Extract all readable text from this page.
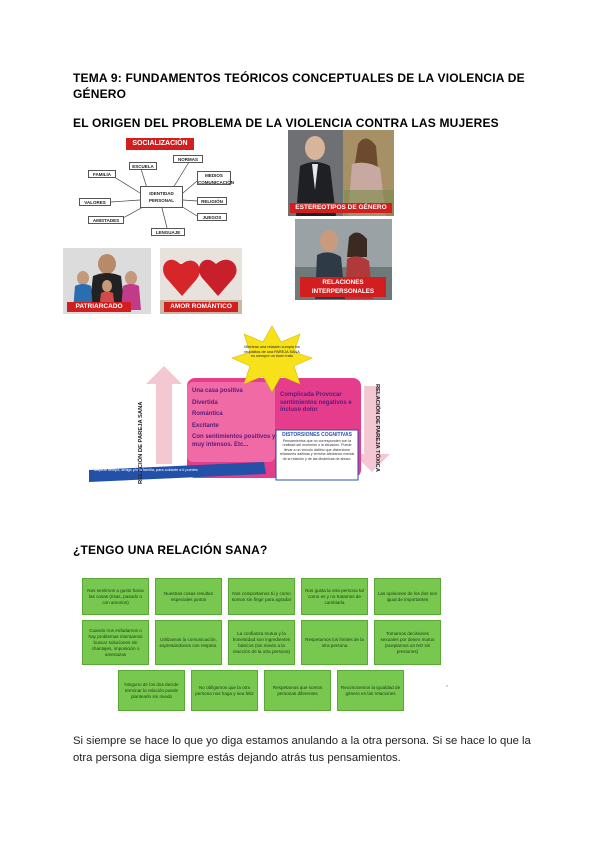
TEMA 9: FUNDAMENTOS TEÓRICOS CONCEPTUALES DE LA VIOLENCIA DE GÉNERO
EL ORIGEN DEL PROBLEMA DE LA VIOLENCIA CONTRA LAS MUJERES
SOCIALIZACIÓN
IDENTIDAD PERSONAL
FAMILIA
ESCUELA
NORMAS
MEDIOS COMUNICACIÓN
VALORES	RELIGIÓN
AMISTADES
JUEGOS
LENGUAJE
ESTEREOTIPOS DE GÉNERO
RELACIONES INTERPERSONALES
PATRIARCADO	AMOR ROMÁNTICO
Mientras una relación cumpla los requisitos de una PAREJA SANA es siempre un buen trato
RELACIÓN DE PAREJA SANA	RELACIÓN DE PAREJA TÓXICA
Una casa positiva
Divertida
Romántica
Excitante
Con sentimientos positivos y muy intensos. Etc...
Complicada Provocar sentimientos negativos e incluso dolor
DISTORSIONES COGNITIVAS
Pensamientos que no corresponden con la realidad del momento o la situación. Puede llevar a un vínculo dañino que distorsione relaciones dañinas y termine afectando mental de la relación y de las dinámicas de abuso.
Mejorar tiempo, amigo y/o la familia, para cuidarte a ti puedes
¿TENGO UNA RELACIÓN SANA?
Nos sentimos a gusto hacia las cosas (risas, pasado o con amorios)
Nuestras cosas resultan especiales juntos
Nos comportamos tú y como somos sin fingir para agradar
Nos gusta la otra persona tal como es y no tratamos de cambiarla
Las opiniones de los dos son igual de importantes
Cuando nos enfadamos o hay problemas intentamos buscar soluciones sin chantajes, imposición o amenazas
Utilizamos la comunicación, expresándonos con respeto.
La confianza mutua y la honestidad son ingredientes básicos (sin miedo a la reacción de la otra persona)
Respetamos los límites de la otra persona
Tomamos decisiones sexuales por deseo mutuo (aceptamos un NO sin presiones)
Ninguno de los dos decide terminar la relación puede plantearlo sin miedo
No obligamos que la otra persona nos haga y sea feliz
Respetamos que somos personas diferentes
Reconocemos la igualdad de género en las relaciones
,
Si siempre se hace lo que yo diga estamos anulando a la otra persona. Si se hace lo que la otra persona diga siempre estás dejando atrás tus pensamientos.
